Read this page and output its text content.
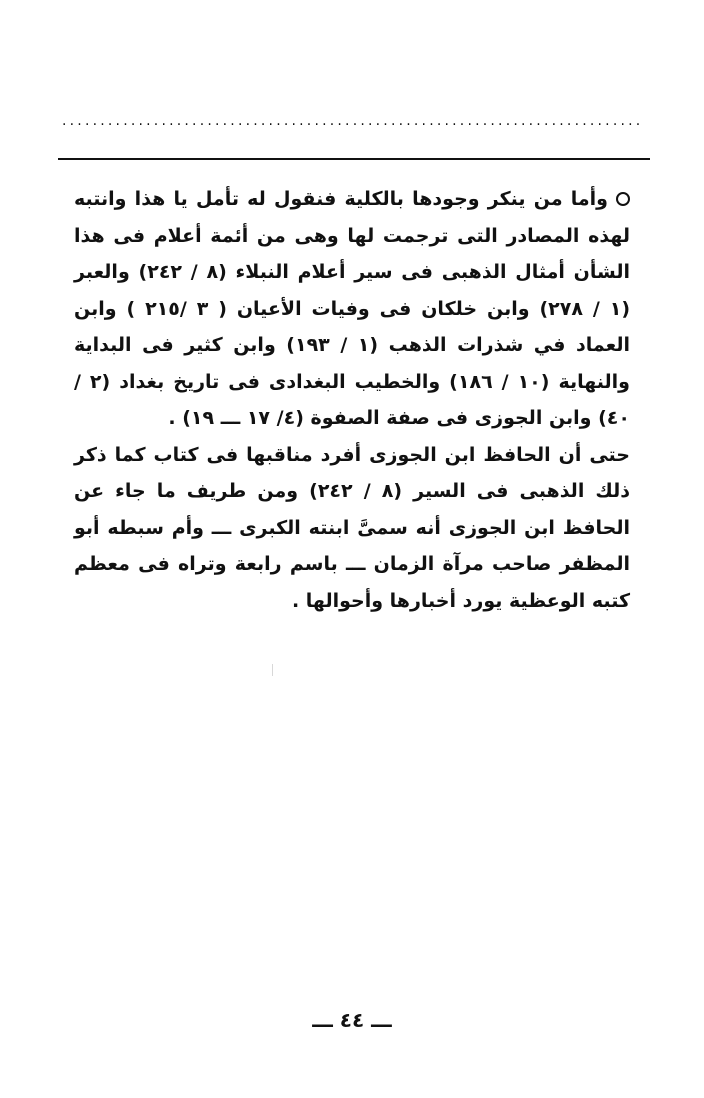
............................................................................

وأما من ينكر وجودها بالكلية فنقول له تأمل يا هذا وانتبه لهذه المصادر التى ترجمت لها وهى من أئمة أعلام فى هذا الشأن أمثال الذهبى فى سير أعلام النبلاء (٨ / ٢٤٢) والعبر (١ / ٢٧٨) وابن خلكان فى وفيات الأعيان ( ٣ /٢١٥ ) وابن العماد في شذرات الذهب (١ / ١٩٣) وابن كثير فى البداية والنهاية (١٠ / ١٨٦) والخطيب البغدادى فى تاريخ بغداد (٢ / ٤٠) وابن الجوزى فى صفة الصفوة (٤/ ١٧ ـــ ١٩) .

حتى أن الحافظ ابن الجوزى أفرد مناقبها فى كتاب كما ذكر ذلك الذهبى فى السير (٨ / ٢٤٢) ومن طريف ما جاء عن الحافظ ابن الجوزى أنه سمىَّ ابنته الكبرى ـــ وأم سبطه أبو المظفر صاحب مرآة الزمان ـــ باسم رابعة وتراه فى معظم كتبه الوعظية يورد أخبارها وأحوالها .

ـــ ٤٤ ـــ
